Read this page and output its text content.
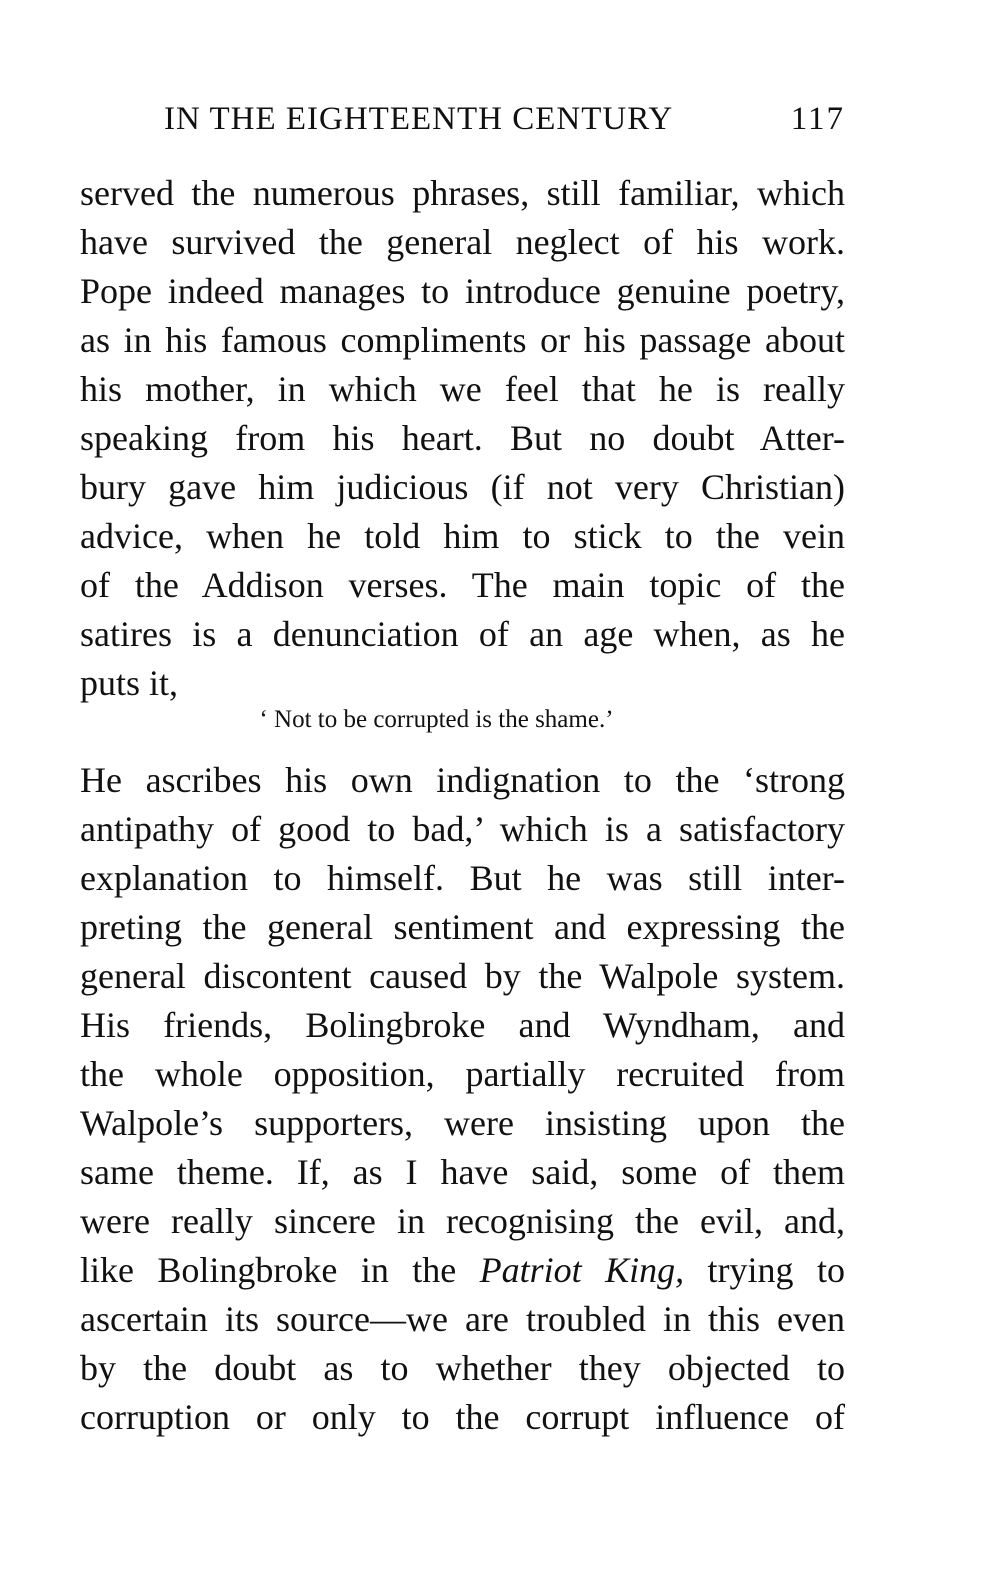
IN THE EIGHTEENTH CENTURY	117
served the numerous phrases, still familiar, which
have survived the general neglect of his work.
Pope indeed manages to introduce genuine poetry,
as in his famous compliments or his passage about
his mother, in which we feel that he is really
speaking from his heart. But no doubt Atter-
bury gave him judicious (if not very Christian)
advice, when he told him to stick to the vein
of the Addison verses. The main topic of the
satires is a denunciation of an age when, as he
puts it,
‘ Not to be corrupted is the shame.’
He ascribes his own indignation to the ‘strong
antipathy of good to bad,’ which is a satisfactory
explanation to himself. But he was still inter-
preting the general sentiment and expressing the
general discontent caused by the Walpole system.
His friends, Bolingbroke and Wyndham, and
the whole opposition, partially recruited from
Walpole’s supporters, were insisting upon the
same theme. If, as I have said, some of them
were really sincere in recognising the evil, and,
like Bolingbroke in the Patriot King, trying to
ascertain its source—we are troubled in this even
by the doubt as to whether they objected to
corruption or only to the corrupt influence of
